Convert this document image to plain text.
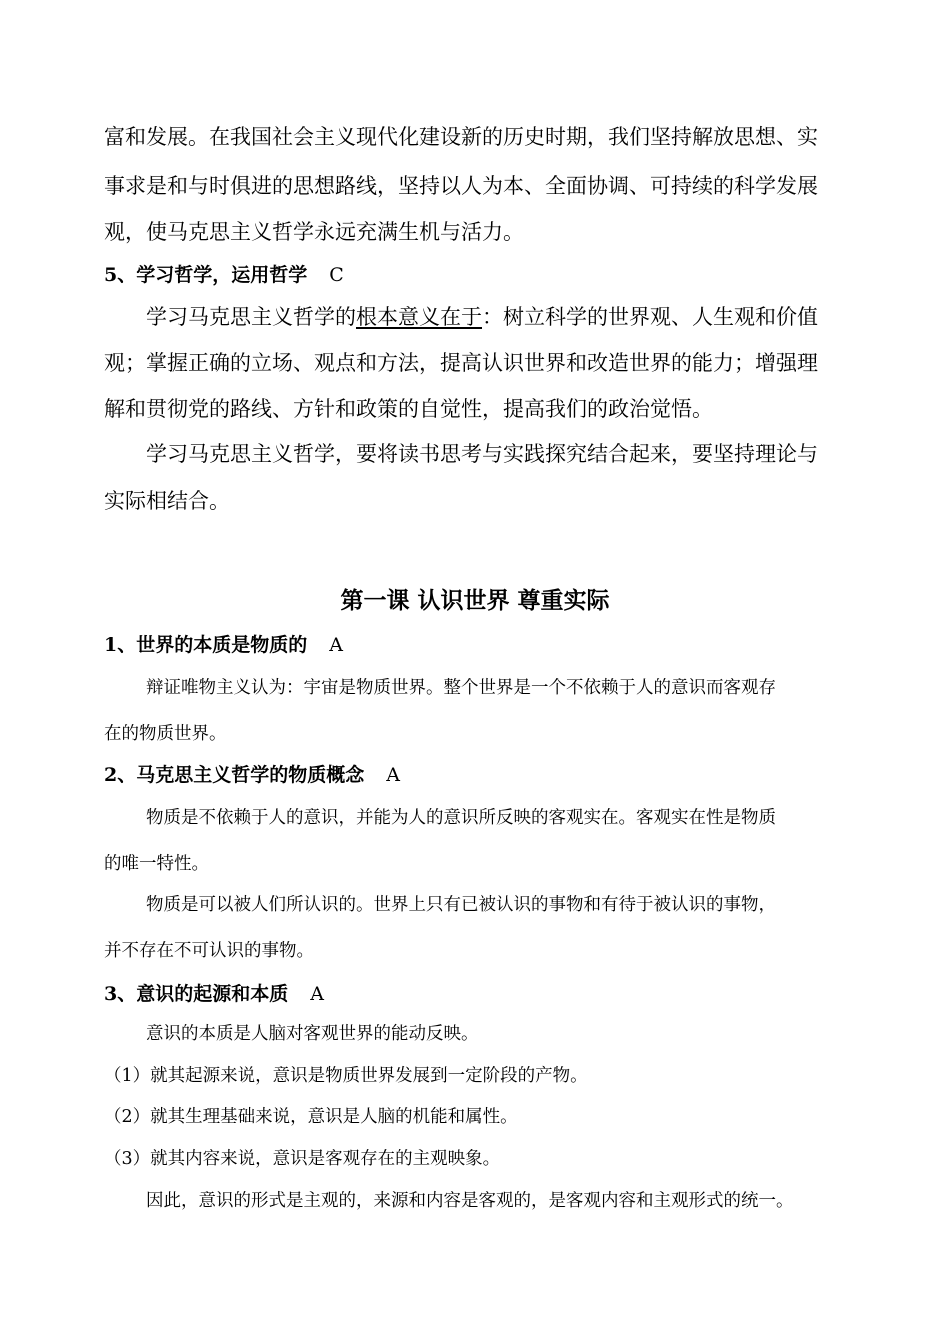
富和发展。在我国社会主义现代化建设新的历史时期，我们坚持解放思想、实
事求是和与时俱进的思想路线，坚持以人为本、全面协调、可持续的科学发展
观，使马克思主义哲学永远充满生机与活力。
5、学习哲学，运用哲学 C
学习马克思主义哲学的根本意义在于：树立科学的世界观、人生观和价值
观；掌握正确的立场、观点和方法，提高认识世界和改造世界的能力；增强理
解和贯彻党的路线、方针和政策的自觉性，提高我们的政治觉悟。
学习马克思主义哲学，要将读书思考与实践探究结合起来，要坚持理论与
实际相结合。
第一课 认识世界 尊重实际
1、世界的本质是物质的 A
辩证唯物主义认为：宇宙是物质世界。整个世界是一个不依赖于人的意识而客观存
在的物质世界。
2、马克思主义哲学的物质概念 A
物质是不依赖于人的意识，并能为人的意识所反映的客观实在。客观实在性是物质
的唯一特性。
物质是可以被人们所认识的。世界上只有已被认识的事物和有待于被认识的事物，
并不存在不可认识的事物。
3、意识的起源和本质 A
意识的本质是人脑对客观世界的能动反映。
（1）就其起源来说，意识是物质世界发展到一定阶段的产物。
（2）就其生理基础来说，意识是人脑的机能和属性。
（3）就其内容来说，意识是客观存在的主观映象。
因此，意识的形式是主观的，来源和内容是客观的，是客观内容和主观形式的统一。
